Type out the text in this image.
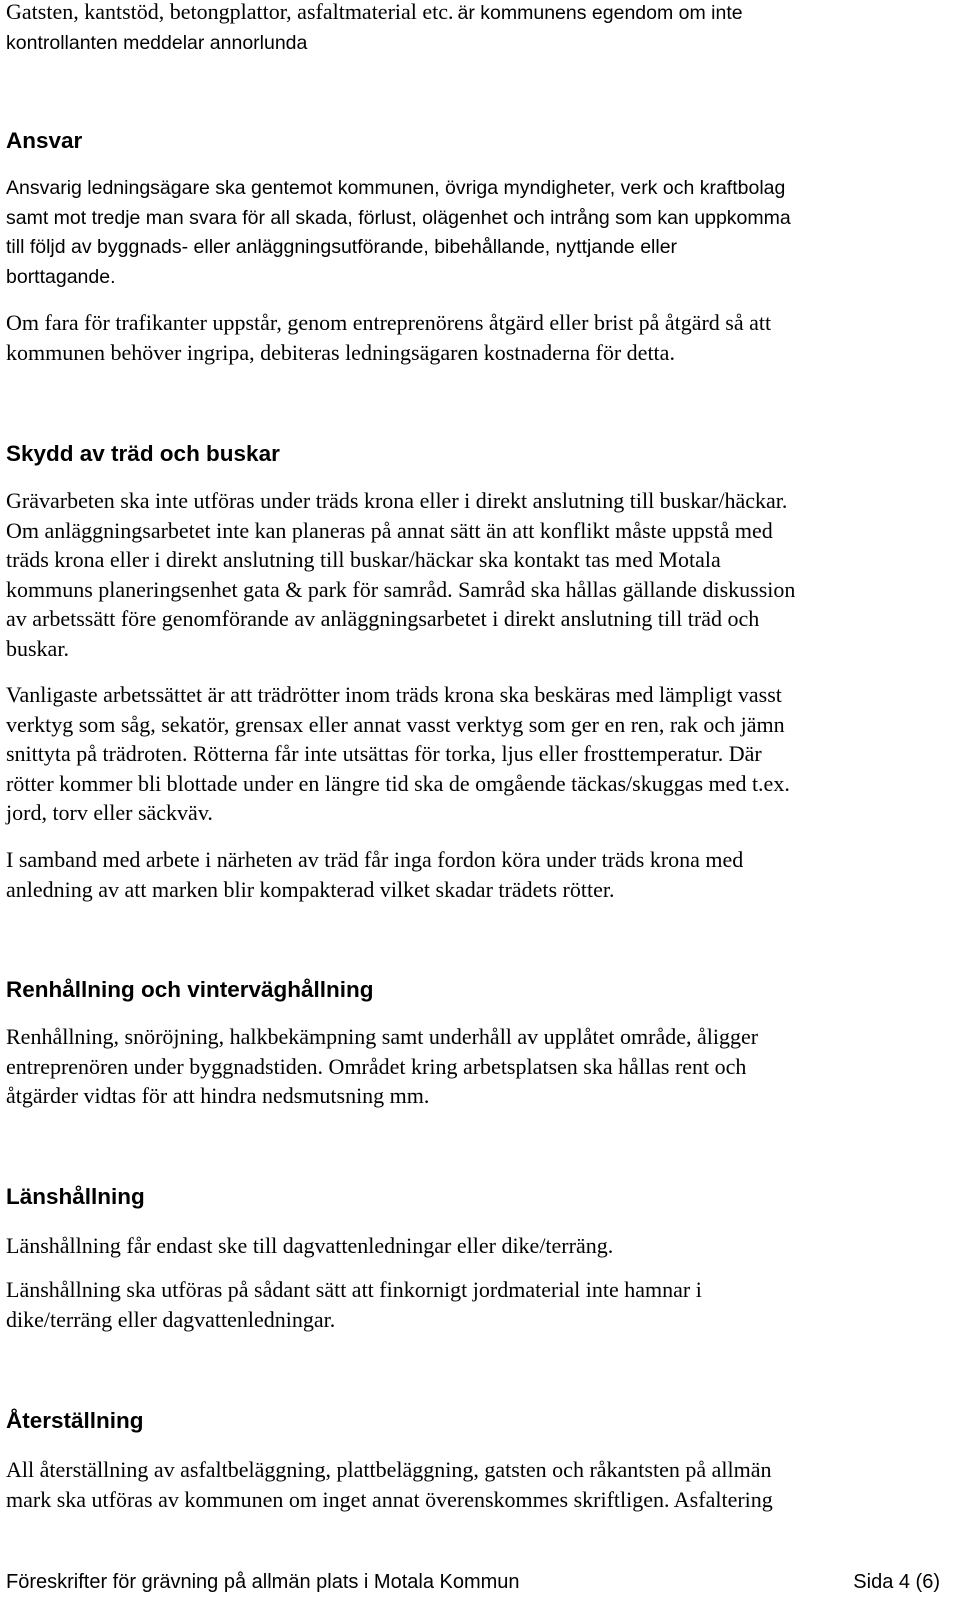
Gatsten, kantstöd, betongplattor, asfaltmaterial etc. är kommunens egendom om inte
kontrollanten meddelar annorlunda
Ansvar
Ansvarig ledningsägare ska gentemot kommunen, övriga myndigheter, verk och kraftbolag
samt mot tredje man svara för all skada, förlust, olägenhet och intrång som kan uppkomma
till följd av byggnads- eller anläggningsutförande, bibehållande, nyttjande eller
borttagande.
Om fara för trafikanter uppstår, genom entreprenörens åtgärd eller brist på åtgärd så att
kommunen behöver ingripa, debiteras ledningsägaren kostnaderna för detta.
Skydd av träd och buskar
Grävarbeten ska inte utföras under träds krona eller i direkt anslutning till buskar/häckar.
Om anläggningsarbetet inte kan planeras på annat sätt än att konflikt måste uppstå med
träds krona eller i direkt anslutning till buskar/häckar ska kontakt tas med Motala
kommuns planeringsenhet gata & park för samråd. Samråd ska hållas gällande diskussion
av arbetssätt före genomförande av anläggningsarbetet i direkt anslutning till träd och
buskar.
Vanligaste arbetssättet är att trädrötter inom träds krona ska beskäras med lämpligt vasst
verktyg som såg, sekatör, grensax eller annat vasst verktyg som ger en ren, rak och jämn
snittyta på trädroten. Rötterna får inte utsättas för torka, ljus eller frosttemperatur. Där
rötter kommer bli blottade under en längre tid ska de omgående täckas/skuggas med t.ex.
jord, torv eller säckväv.
I samband med arbete i närheten av träd får inga fordon köra under träds krona med
anledning av att marken blir kompakterad vilket skadar trädets rötter.
Renhållning och vinterväghållning
Renhållning, snöröjning, halkbekämpning samt underhåll av upplåtet område, åligger
entreprenören under byggnadstiden. Området kring arbetsplatsen ska hållas rent och
åtgärder vidtas för att hindra nedsmutsning mm.
Länshållning
Länshållning får endast ske till dagvattenledningar eller dike/terräng.
Länshållning ska utföras på sådant sätt att finkornigt jordmaterial inte hamnar i
dike/terräng eller dagvattenledningar.
Återställning
All återställning av asfaltbeläggning, plattbeläggning, gatsten och råkantsten på allmän
mark ska utföras av kommunen om inget annat överenskommes skriftligen. Asfaltering
Föreskrifter för grävning på allmän plats i Motala Kommun	Sida 4 (6)
